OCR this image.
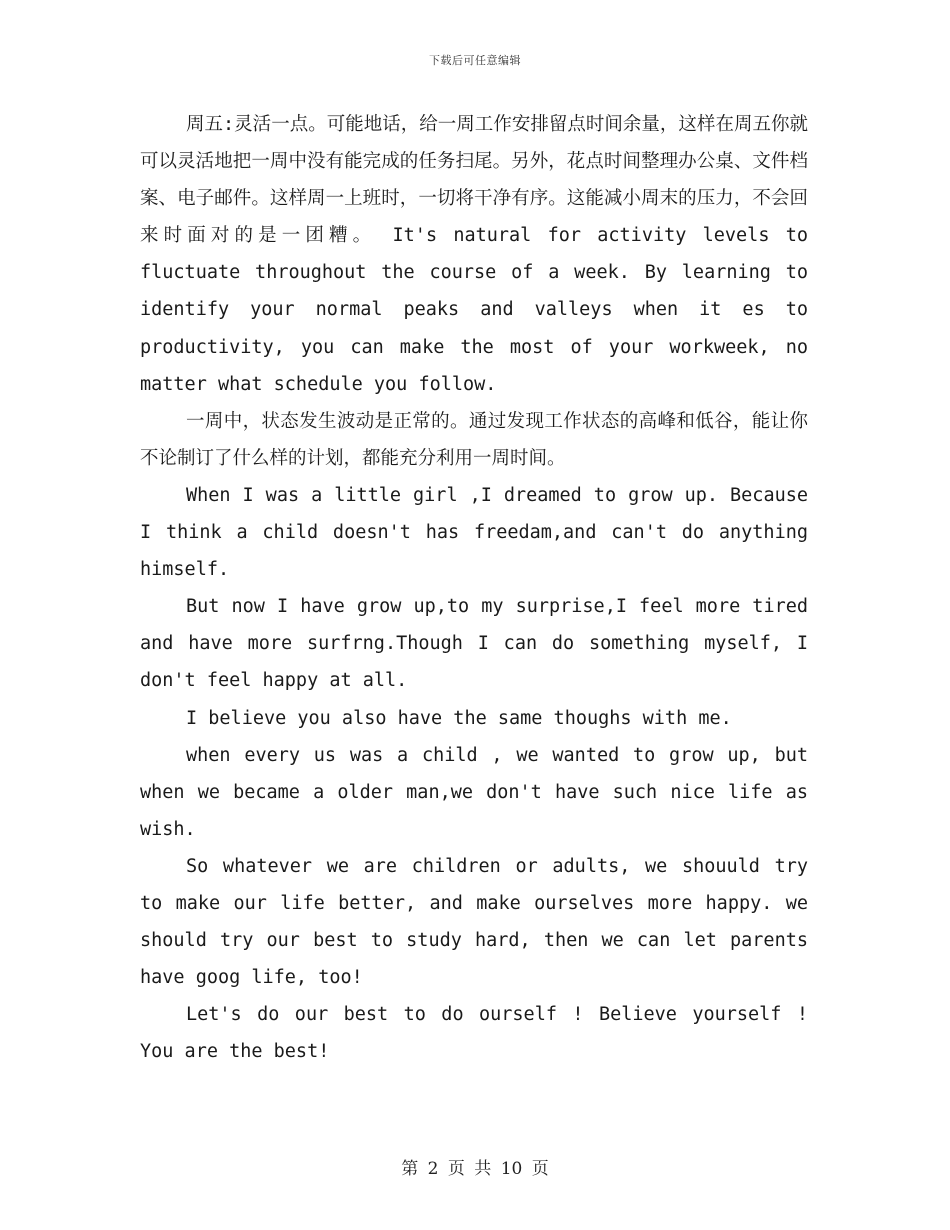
下载后可任意编辑

周五:灵活一点。可能地话，给一周工作安排留点时间余量，这样在周五你就可以灵活地把一周中没有能完成的任务扫尾。另外，花点时间整理办公桌、文件档案、电子邮件。这样周一上班时，一切将干净有序。这能减小周末的压力，不会回来时面对的是一团糟。 It's natural for activity levels to fluctuate throughout the course of a week. By learning to identify your normal peaks and valleys when it es to productivity, you can make the most of your workweek, no matter what schedule you follow.

一周中，状态发生波动是正常的。通过发现工作状态的高峰和低谷，能让你不论制订了什么样的计划，都能充分利用一周时间。

When I was a little girl ,I dreamed to grow up. Because I think a child doesn't has freedam,and can't do anything himself.

But now I have grow up,to my surprise,I feel more tired and have more surfrng.Though I can do something myself, I don't feel happy at all.

I believe you also have the same thoughs with me.

when every us was a child , we wanted to grow up, but when we became a older man,we don't have such nice life as wish.

So whatever we are children or adults, we shouuld try to make our life better, and make ourselves more happy. we should try our best to study hard, then we can let parents have goog life, too!

Let's do our best to do ourself ! Believe yourself ! You are the best!

第 2 页 共 10 页
